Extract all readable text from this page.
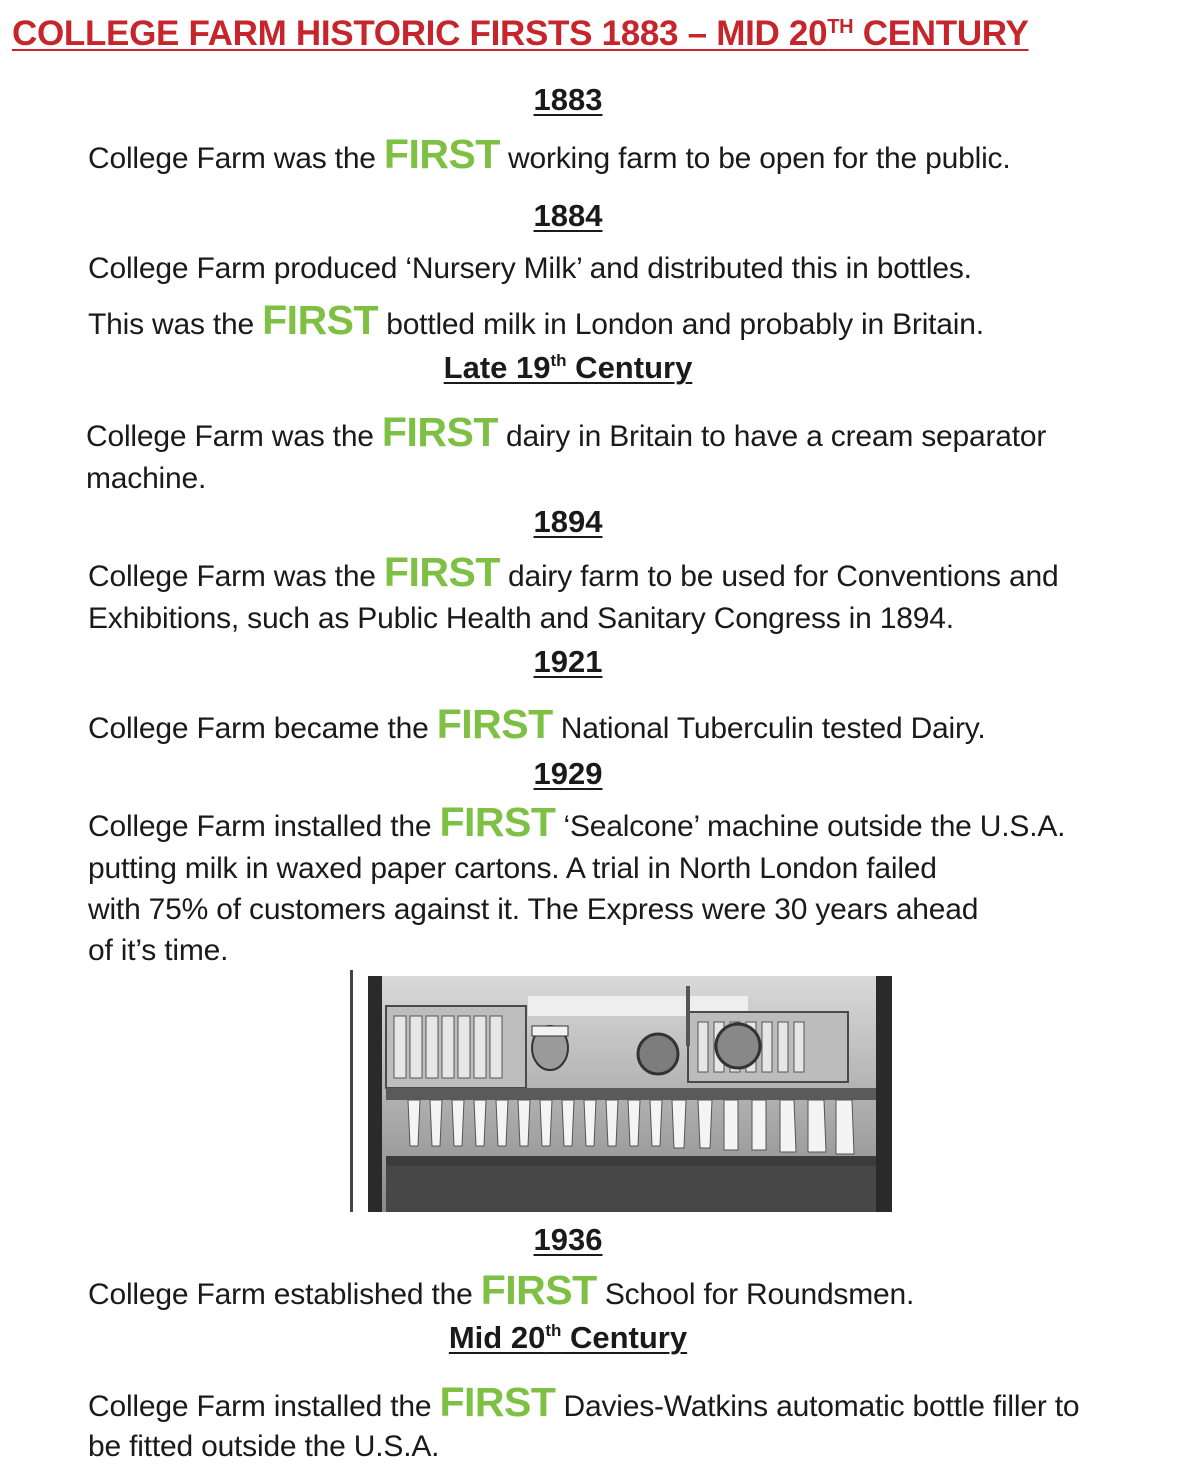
COLLEGE FARM HISTORIC FIRSTS 1883 – MID 20TH CENTURY
1883
College Farm was the FIRST working farm to be open for the public.
1884
College Farm produced ‘Nursery Milk’ and distributed this in bottles.
This was the FIRST bottled milk in London and probably in Britain.
Late 19th Century
College Farm was the FIRST dairy in Britain to have a cream separator
machine.
1894
College Farm was the FIRST dairy farm to be used for Conventions and
Exhibitions, such as Public Health and Sanitary Congress in 1894.
1921
College Farm became the FIRST National Tuberculin tested Dairy.
1929
College Farm installed the FIRST ‘Sealcone’ machine outside the U.S.A.
putting milk in waxed paper cartons. A trial in North London failed
with 75% of customers against it. The Express were 30 years ahead
of it’s time.
1936
College Farm established the FIRST School for Roundsmen.
Mid 20th Century
College Farm installed the FIRST Davies-Watkins automatic bottle filler to
be fitted outside the U.S.A.
